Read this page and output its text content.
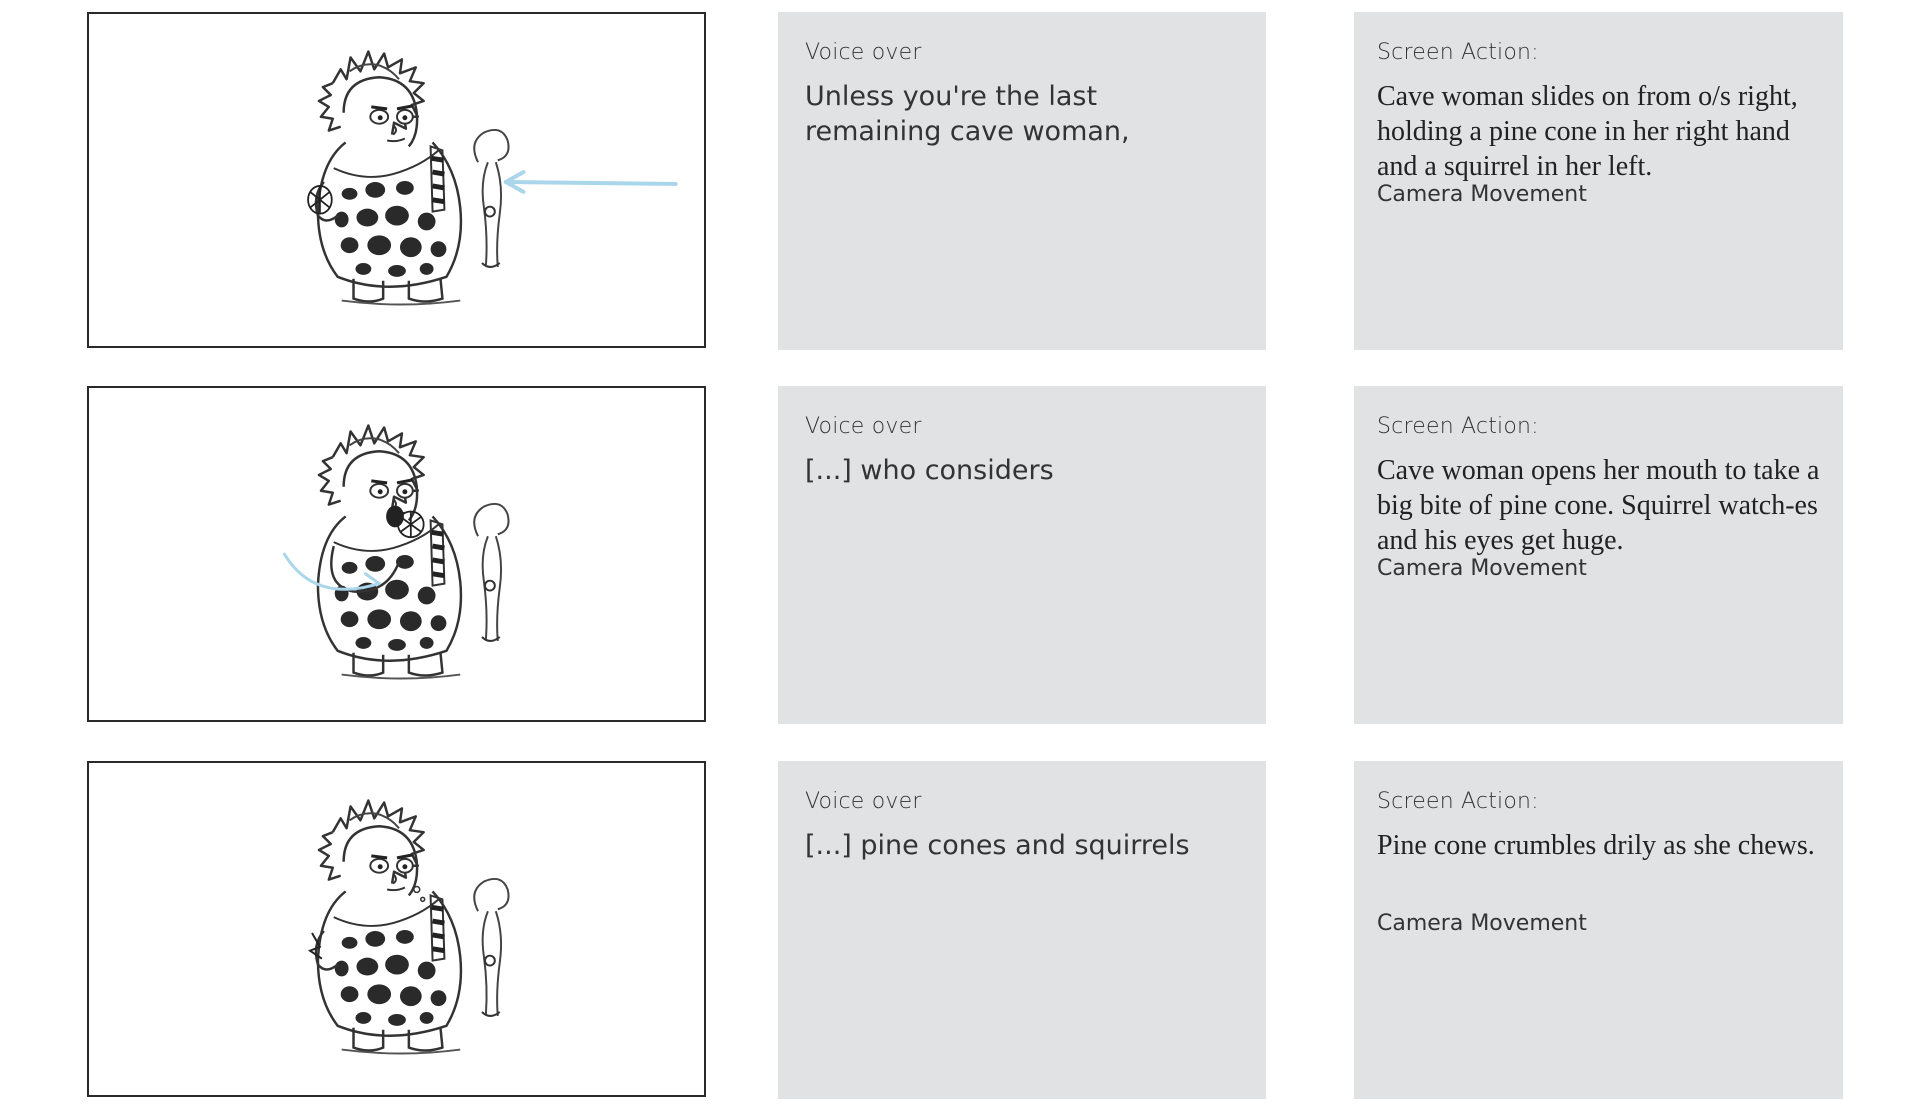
Voice over
Unless you're the last remaining cave woman,
Screen Action:
Cave woman slides on from o/s right, holding a pine cone in her right hand and a squirrel in her left.
Camera Movement
Voice over
[...] who considers
Screen Action:
Cave woman opens her mouth to take a big bite of pine cone. Squirrel watch-es and his eyes get huge.
Camera Movement
Voice over
[...] pine cones and squirrels
Screen Action:
Pine cone crumbles drily as she chews.
Camera Movement
